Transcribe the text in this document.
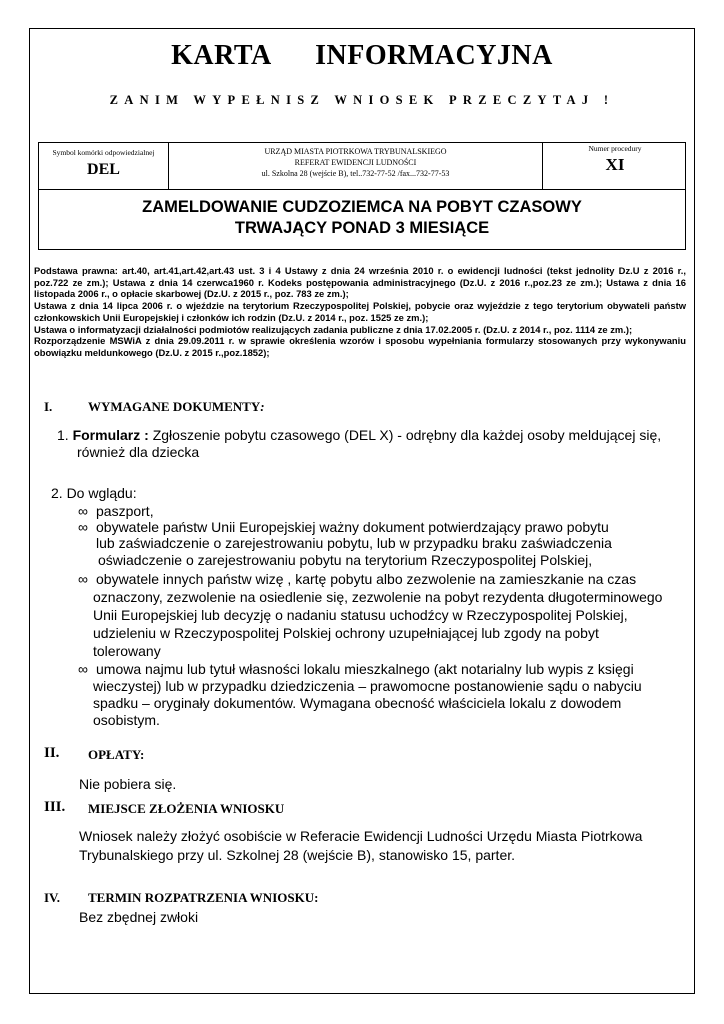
KARTA INFORMACYJNA
ZANIM WYPEŁNISZ WNIOSEK PRZECZYTAJ !
Symbol komórki odpowiedzialnej
DEL
URZĄD MIASTA PIOTRKOWA TRYBUNALSKIEGO
REFERAT EWIDENCJI LUDNOŚCI
ul. Szkolna 28 (wejście B), tel..732-77-52 /fax...732-77-53
Numer procedury
XI
ZAMELDOWANIE CUDZOZIEMCA NA POBYT CZASOWY
TRWAJĄCY PONAD 3 MIESIĄCE

Podstawa prawna: art.40, art.41,art.42,art.43 ust. 3 i 4 Ustawy z dnia 24 września 2010 r. o ewidencji ludności (tekst jednolity Dz.U z 2016 r., poz.722 ze zm.); Ustawa z dnia 14 czerwca1960 r. Kodeks postępowania administracyjnego (Dz.U. z 2016 r.,poz.23 ze zm.); Ustawa z dnia 16 listopada 2006 r., o opłacie skarbowej (Dz.U. z 2015 r., poz. 783 ze zm.);

Ustawa z dnia 14 lipca 2006 r. o wjeździe na terytorium Rzeczypospolitej Polskiej, pobycie oraz wyjeździe z tego terytorium obywateli państw członkowskich Unii Europejskiej i członków ich rodzin (Dz.U. z 2014 r., poz. 1525 ze zm.);

Ustawa o informatyzacji działalności podmiotów realizujących zadania publiczne z dnia 17.02.2005 r. (Dz.U. z 2014 r., poz. 1114 ze zm.);

Rozporządzenie MSWiA z dnia 29.09.2011 r. w sprawie określenia wzorów i sposobu wypełniania formularzy stosowanych przy wykonywaniu obowiązku meldunkowego (Dz.U. z 2015 r.,poz.1852);

I.	WYMAGANE DOKUMENTY:
1. Formularz : Zgłoszenie pobytu czasowego (DEL X) - odrębny dla każdej osoby meldującej się,
również dla dziecka
2. Do wglądu:
∞ paszport,
∞ obywatele państw Unii Europejskiej ważny dokument potwierdzający prawo pobytu
lub zaświadczenie o zarejestrowaniu pobytu, lub w przypadku braku zaświadczenia
oświadczenie o zarejestrowaniu pobytu na terytorium Rzeczypospolitej Polskiej,
∞ obywatele innych państw wizę , kartę pobytu albo zezwolenie na zamieszkanie na czas
oznaczony, zezwolenie na osiedlenie się, zezwolenie na pobyt rezydenta długoterminowego
Unii Europejskiej lub decyzję o nadaniu statusu uchodźcy w Rzeczypospolitej Polskiej,
udzieleniu w Rzeczypospolitej Polskiej ochrony uzupełniającej lub zgody na pobyt
tolerowany
∞ umowa najmu lub tytuł własności lokalu mieszkalnego (akt notarialny lub wypis z księgi
wieczystej) lub w przypadku dziedziczenia – prawomocne postanowienie sądu o nabyciu
spadku – oryginały dokumentów. Wymagana obecność właściciela lokalu z dowodem
osobistym.
II. OPŁATY:
Nie pobiera się.
III. MIEJSCE ZŁOŻENIA WNIOSKU
Wniosek należy złożyć osobiście w Referacie Ewidencji Ludności Urzędu Miasta Piotrkowa
Trybunalskiego przy ul. Szkolnej 28 (wejście B), stanowisko 15, parter.
IV. TERMIN ROZPATRZENIA WNIOSKU:
Bez zbędnej zwłoki
